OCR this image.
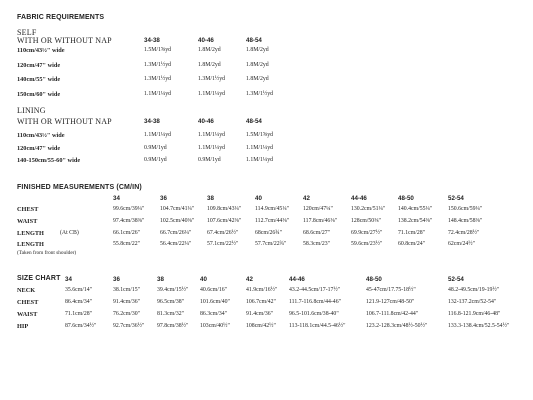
FABRIC REQUIREMENTS
SELF
WITH OR WITHOUT NAP	34-38	40-46	48-54
110cm/43½" wide	1.5M/1⅝yd	1.8M/2yd	1.8M/2yd
120cm/47" wide	1.3M/1½yd	1.8M/2yd	1.8M/2yd
140cm/55" wide	1.3M/1½yd	1.3M/1½yd	1.8M/2yd
150cm/60" wide	1.1M/1¼yd	1.1M/1¼yd	1.3M/1½yd
LINING
WITH OR WITHOUT NAP	34-38	40-46	48-54
110cm/43½" wide	1.1M/1¼yd	1.1M/1¼yd	1.5M/1⅝yd
120cm/47" wide	0.9M/1yd	1.1M/1¼yd	1.1M/1¼yd
140-150cm/55-60" wide	0.9M/1yd	0.9M/1yd	1.1M/1¼yd
FINISHED MEASUREMENTS (CM/IN)
34	36	38	40	42	44-46	48-50	52-54
CHEST	99.6cm/39¼"	104.7cm/41¼" 109.8cm/43¼" 114.9cm/45¼" 120cm/47¼"	130.2cm/51¼" 140.4cm/55¼"	150.6cm/59¼"
WAIST	97.4cm/38⅜"	102.5cm/40⅜" 107.6cm/42⅜" 112.7cm/44⅜" 117.8cm/46⅜" 128cm/50⅜"	138.2cm/54⅜"	148.4cm/58⅜"
LENGTH	(At CB)	66.1cm/26"	66.7cm/26¼"	67.4cm/26½"	68cm/26¾"	68.6cm/27"	69.9cm/27½"	71.1cm/28"	72.4cm/28½"
LENGTH
(Taken from front shoulder)
55.8cm/22"	56.4cm/22¼"	57.1cm/22½"	57.7cm/22¾"	58.3cm/23"	59.6cm/23½"	60.8cm/24"	62cm/24½"
SIZE CHART 34	36	38	40	42	44-46	48-50	52-54
NECK	35.6cm/14"	38.1cm/15"	39.4cm/15½" 40.6cm/16"	41.9cm/16½" 43.2-44.5cm/17-17½"	45-47cm/17.75-18½"	48.2-49.5cm/19-19½"
CHEST	86.4cm/34"	91.4cm/36"	96.5cm/38"	101.6cm/40"	106.7cm/42" 111.7-116.8cm/44-46"	121.9-127cm/48-50"	132-137.2cm/52-54"
WAIST	71.1cm/28"	76.2cm/30"	81.3cm/32"	86.3cm/34"	91.4cm/36"	96.5-101.6cm/38-40"	106.7-111.8cm/42-44"	116.8-121.9cm/46-48"
HIP	87.6cm/34½"	92.7cm/36½" 97.8cm/38½" 103cm/40½"	108cm/42½" 113-118.1cm/44.5-46½"	123.2-128.3cm/48½-50½"	133.3-138.4cm/52.5-54½"
